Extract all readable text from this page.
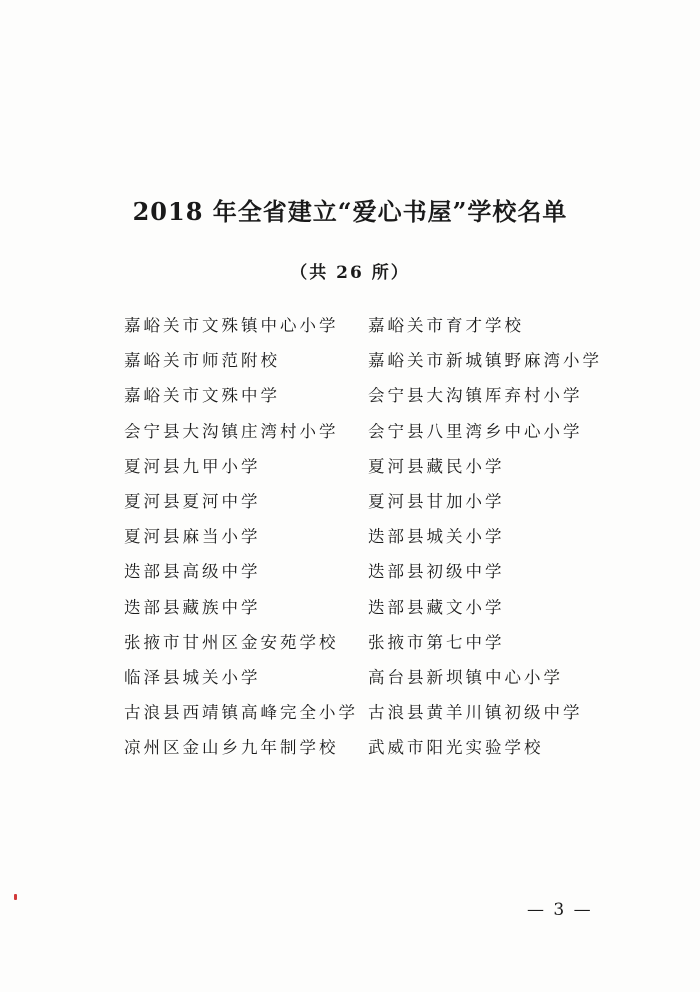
2018 年全省建立“爱心书屋”学校名单
（共 26 所）
嘉峪关市文殊镇中心小学 嘉峪关市育才学校
嘉峪关市师范附校	嘉峪关市新城镇野麻湾小学
嘉峪关市文殊中学	会宁县大沟镇厍弃村小学
会宁县大沟镇庄湾村小学 会宁县八里湾乡中心小学
夏河县九甲小学	夏河县藏民小学
夏河县夏河中学	夏河县甘加小学
夏河县麻当小学	迭部县城关小学
迭部县高级中学	迭部县初级中学
迭部县藏族中学	迭部县藏文小学
张掖市甘州区金安苑学校 张掖市第七中学
临泽县城关小学	高台县新坝镇中心小学
古浪县西靖镇高峰完全小学 古浪县黄羊川镇初级中学
凉州区金山乡九年制学校 武威市阳光实验学校
— 3 —
